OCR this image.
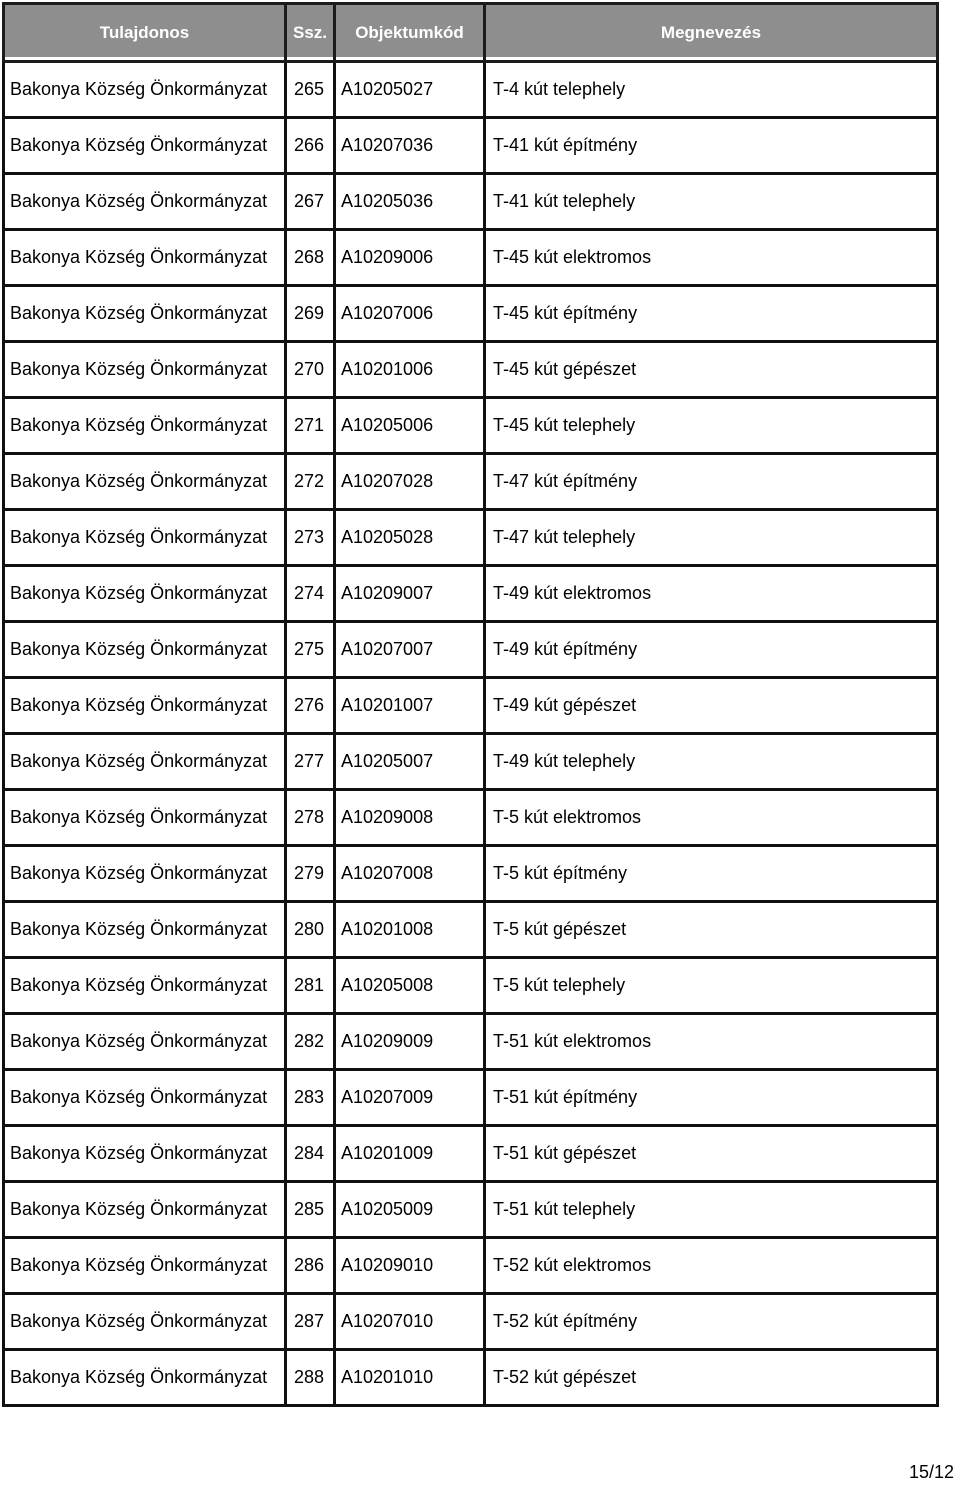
Tulajdonos	Ssz.	Objektumkód	Megnevezés
Bakonya Község Önkormányzat	265	A10205027	T-4 kút telephely
Bakonya Község Önkormányzat	266	A10207036	T-41 kút építmény
Bakonya Község Önkormányzat	267	A10205036	T-41 kút telephely
Bakonya Község Önkormányzat	268	A10209006	T-45 kút elektromos
Bakonya Község Önkormányzat	269	A10207006	T-45 kút építmény
Bakonya Község Önkormányzat	270	A10201006	T-45 kút gépészet
Bakonya Község Önkormányzat	271	A10205006	T-45 kút telephely
Bakonya Község Önkormányzat	272	A10207028	T-47 kút építmény
Bakonya Község Önkormányzat	273	A10205028	T-47 kút telephely
Bakonya Község Önkormányzat	274	A10209007	T-49 kút elektromos
Bakonya Község Önkormányzat	275	A10207007	T-49 kút építmény
Bakonya Község Önkormányzat	276	A10201007	T-49 kút gépészet
Bakonya Község Önkormányzat	277	A10205007	T-49 kút telephely
Bakonya Község Önkormányzat	278	A10209008	T-5 kút elektromos
Bakonya Község Önkormányzat	279	A10207008	T-5 kút építmény
Bakonya Község Önkormányzat	280	A10201008	T-5 kút gépészet
Bakonya Község Önkormányzat	281	A10205008	T-5 kút telephely
Bakonya Község Önkormányzat	282	A10209009	T-51 kút elektromos
Bakonya Község Önkormányzat	283	A10207009	T-51 kút építmény
Bakonya Község Önkormányzat	284	A10201009	T-51 kút gépészet
Bakonya Község Önkormányzat	285	A10205009	T-51 kút telephely
Bakonya Község Önkormányzat	286	A10209010	T-52 kút elektromos
Bakonya Község Önkormányzat	287	A10207010	T-52 kút építmény
Bakonya Község Önkormányzat	288	A10201010	T-52 kút gépészet
15/12
